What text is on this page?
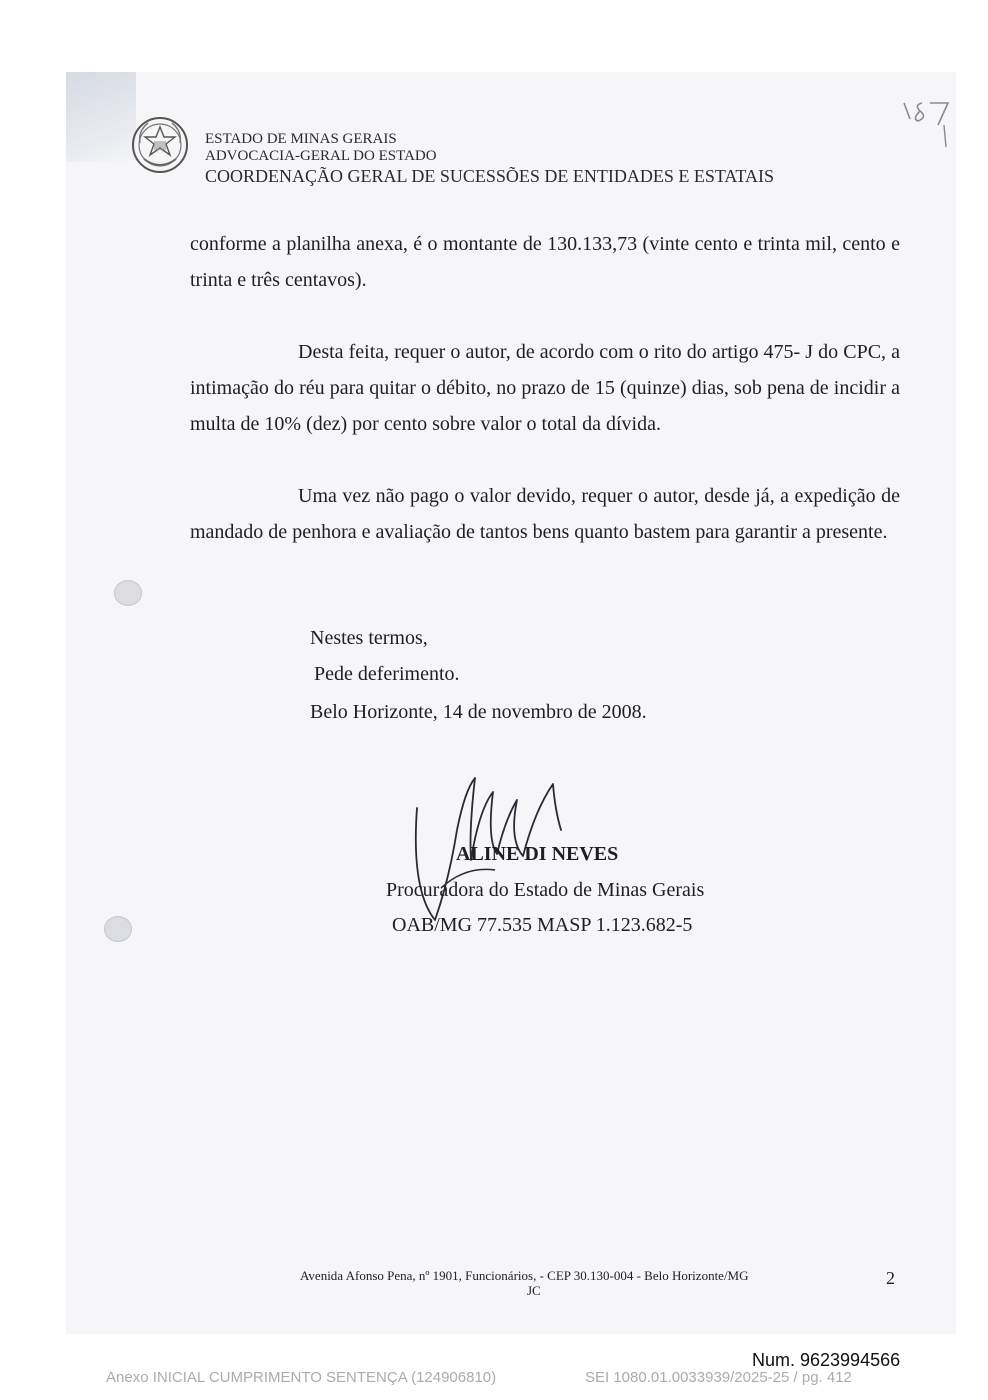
ESTADO DE MINAS GERAIS
ADVOCACIA-GERAL DO ESTADO
COORDENAÇÃO GERAL DE SUCESSÕES DE ENTIDADES E ESTATAIS
conforme a planilha anexa, é o montante de 130.133,73 (vinte cento e trinta mil, cento e trinta e três centavos).
Desta feita, requer o autor, de acordo com o rito do artigo 475- J do CPC, a intimação do réu para quitar o débito, no prazo de 15 (quinze) dias, sob pena de incidir a multa de 10% (dez) por cento sobre valor o total da dívida.
Uma vez não pago o valor devido, requer o autor, desde já, a expedição de mandado de penhora e avaliação de tantos bens quanto bastem para garantir a presente.
Nestes termos,
Pede deferimento.
Belo Horizonte, 14 de novembro de 2008.
ALINE DI NEVES
Procuradora do Estado de Minas Gerais
OAB/MG 77.535 MASP 1.123.682-5
Avenida Afonso Pena, nº 1901, Funcionários, - CEP 30.130-004 - Belo Horizonte/MG
JC
2
Num. 9623994566
Anexo INICIAL CUMPRIMENTO SENTENÇA (124906810)	SEI 1080.01.0033939/2025-25 / pg. 412
